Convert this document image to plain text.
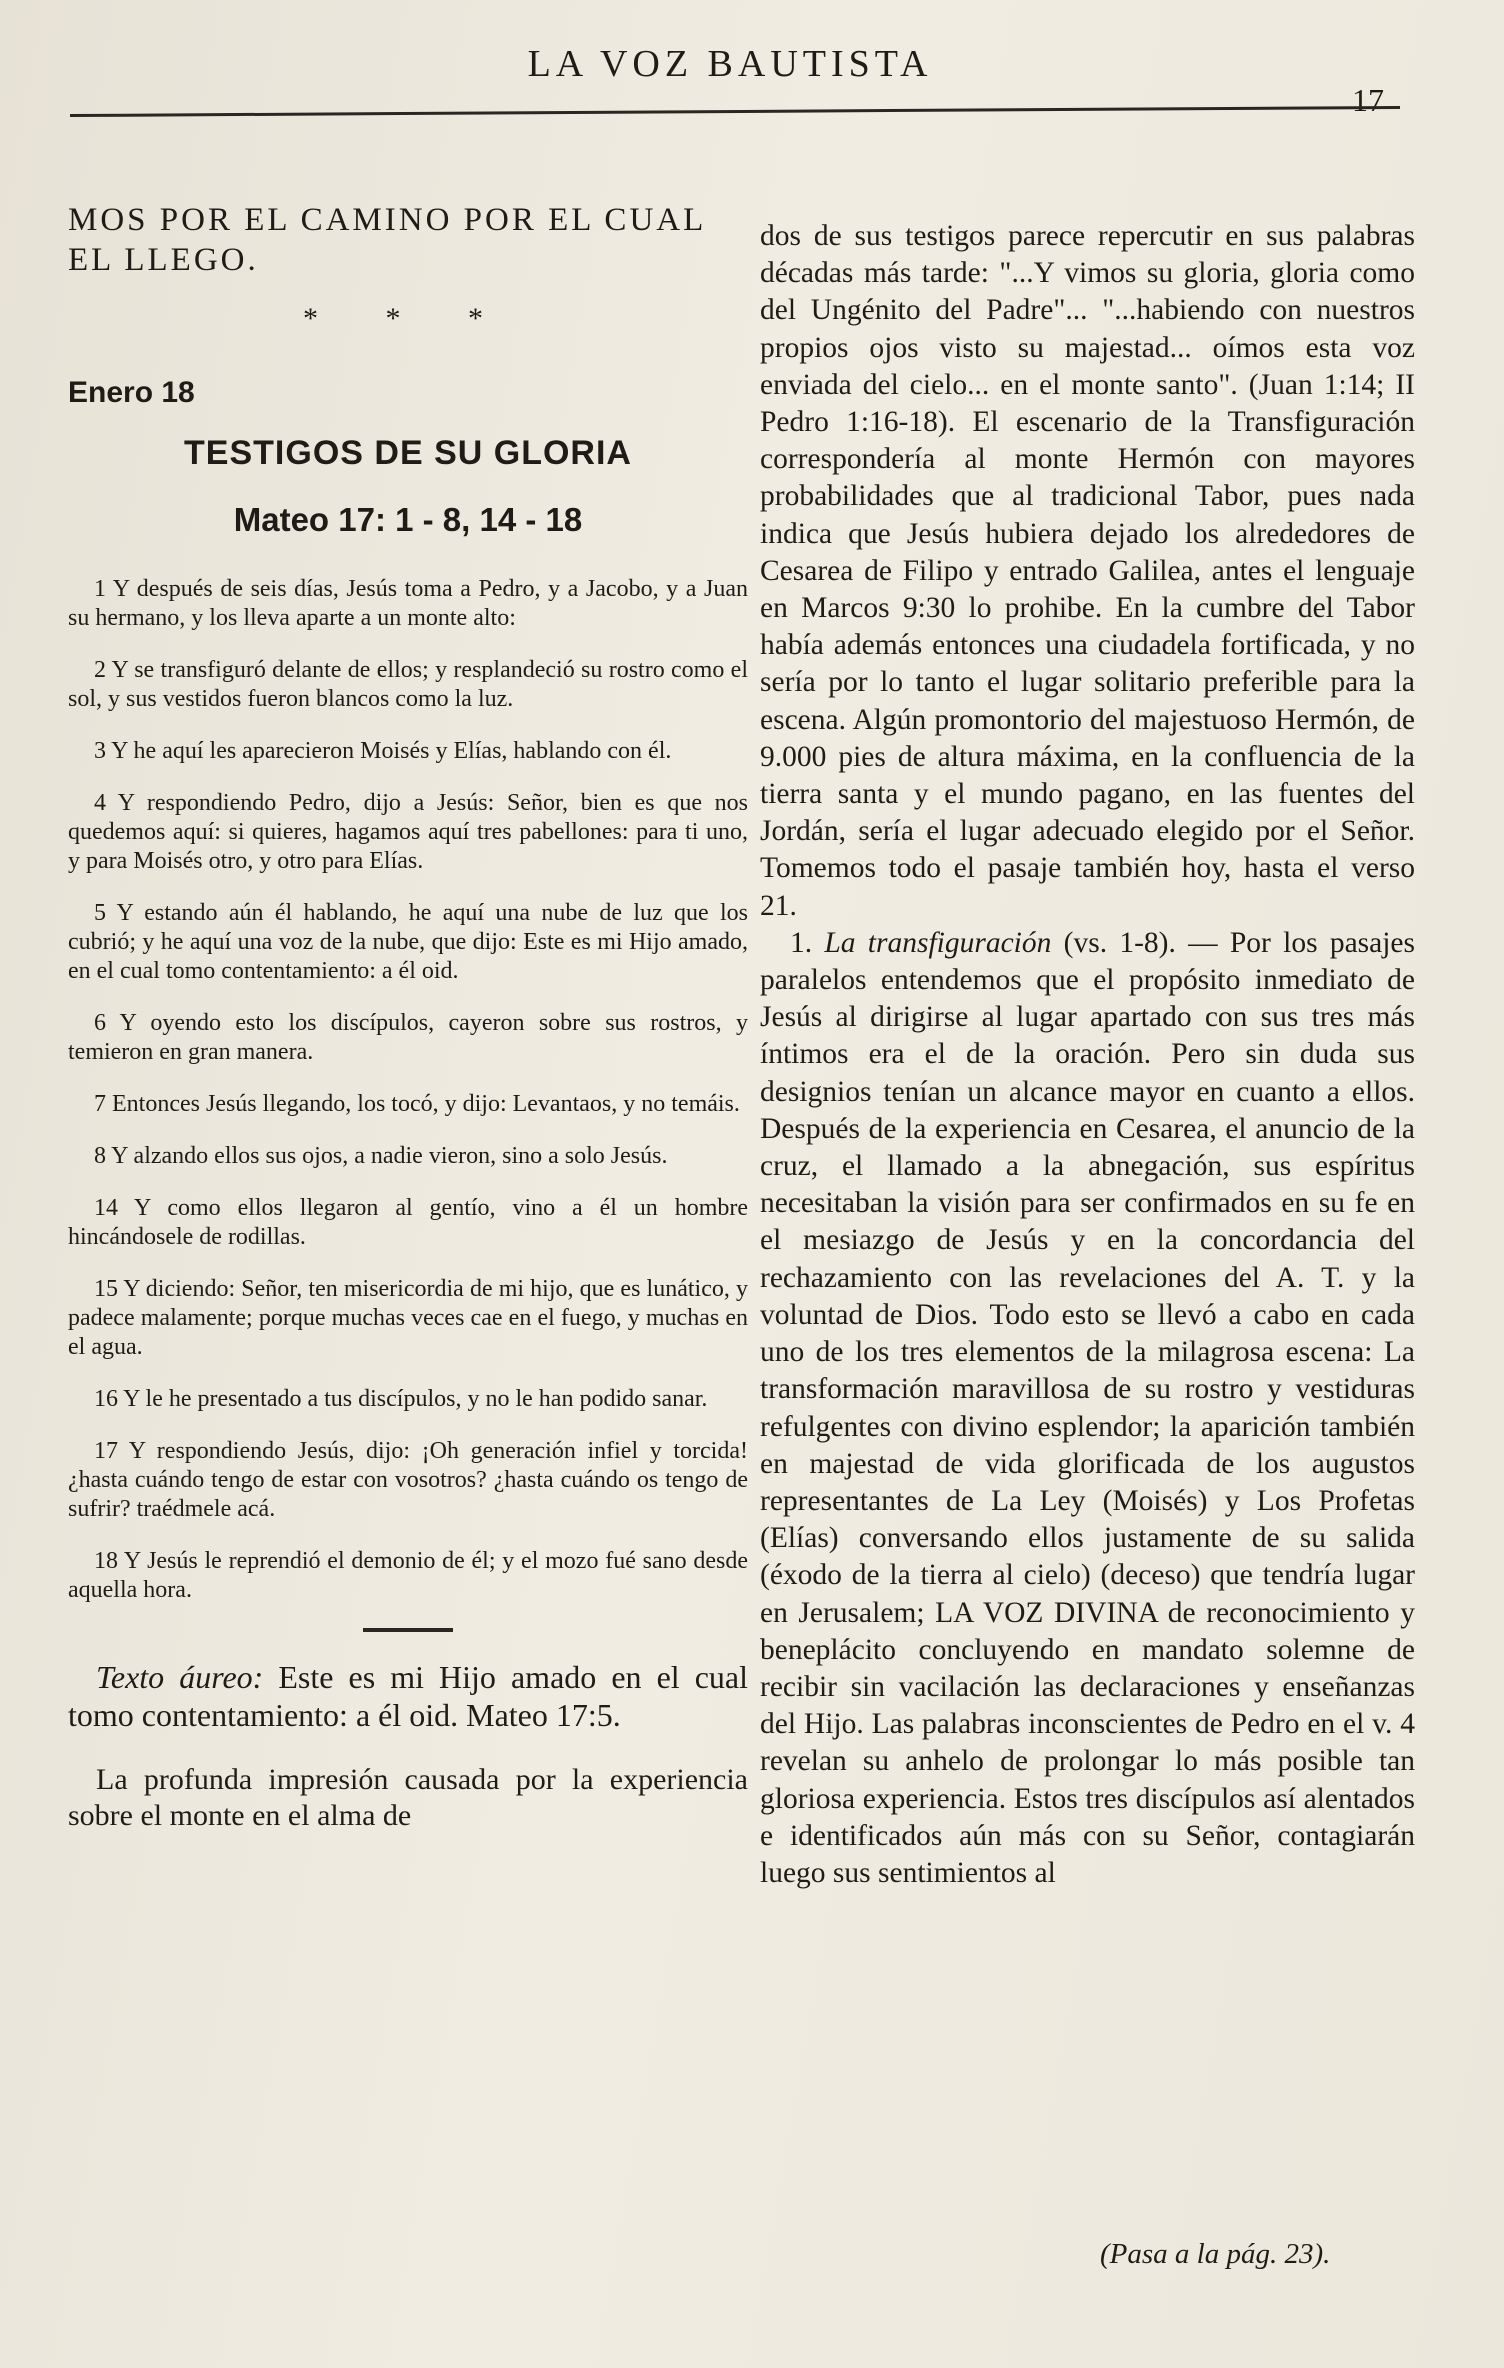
LA VOZ BAUTISTA
17

MOS POR EL CAMINO POR EL CUAL EL LLEGO.

* * *

Enero 18

TESTIGOS DE SU GLORIA
Mateo 17: 1 - 8, 14 - 18

1 Y después de seis días, Jesús toma a Pedro, y a Jacobo, y a Juan su hermano, y los lleva aparte a un monte alto:

2 Y se transfiguró delante de ellos; y resplandeció su rostro como el sol, y sus vestidos fueron blancos como la luz.

3 Y he aquí les aparecieron Moisés y Elías, hablando con él.

4 Y respondiendo Pedro, dijo a Jesús: Señor, bien es que nos quedemos aquí: si quieres, hagamos aquí tres pabellones: para ti uno, y para Moisés otro, y otro para Elías.

5 Y estando aún él hablando, he aquí una nube de luz que los cubrió; y he aquí una voz de la nube, que dijo: Este es mi Hijo amado, en el cual tomo contentamiento: a él oid.

6 Y oyendo esto los discípulos, cayeron sobre sus rostros, y temieron en gran manera.

7 Entonces Jesús llegando, los tocó, y dijo: Levantaos, y no temáis.

8 Y alzando ellos sus ojos, a nadie vieron, sino a solo Jesús.

14 Y como ellos llegaron al gentío, vino a él un hombre hincándosele de rodillas.

15 Y diciendo: Señor, ten misericordia de mi hijo, que es lunático, y padece malamente; porque muchas veces cae en el fuego, y muchas en el agua.

16 Y le he presentado a tus discípulos, y no le han podido sanar.

17 Y respondiendo Jesús, dijo: ¡Oh generación infiel y torcida! ¿hasta cuándo tengo de estar con vosotros? ¿hasta cuándo os tengo de sufrir? traédmele acá.

18 Y Jesús le reprendió el demonio de él; y el mozo fué sano desde aquella hora.

Texto áureo: Este es mi Hijo amado en el cual tomo contentamiento: a él oid. Mateo 17:5.

La profunda impresión causada por la experiencia sobre el monte en el alma de

dos de sus testigos parece repercutir en sus palabras décadas más tarde: "...Y vimos su gloria, gloria como del Ungénito del Padre"... "...habiendo con nuestros propios ojos visto su majestad... oímos esta voz enviada del cielo... en el monte santo". (Juan 1:14; II Pedro 1:16-18). El escenario de la Transfiguración correspondería al monte Hermón con mayores probabilidades que al tradicional Tabor, pues nada indica que Jesús hubiera dejado los alrededores de Cesarea de Filipo y entrado Galilea, antes el lenguaje en Marcos 9:30 lo prohibe. En la cumbre del Tabor había además entonces una ciudadela fortificada, y no sería por lo tanto el lugar solitario preferible para la escena. Algún promontorio del majestuoso Hermón, de 9.000 pies de altura máxima, en la confluencia de la tierra santa y el mundo pagano, en las fuentes del Jordán, sería el lugar adecuado elegido por el Señor. Tomemos todo el pasaje también hoy, hasta el verso 21.

1. La transfiguración (vs. 1-8). — Por los pasajes paralelos entendemos que el propósito inmediato de Jesús al dirigirse al lugar apartado con sus tres más íntimos era el de la oración. Pero sin duda sus designios tenían un alcance mayor en cuanto a ellos. Después de la experiencia en Cesarea, el anuncio de la cruz, el llamado a la abnegación, sus espíritus necesitaban la visión para ser confirmados en su fe en el mesiazgo de Jesús y en la concordancia del rechazamiento con las revelaciones del A. T. y la voluntad de Dios. Todo esto se llevó a cabo en cada uno de los tres elementos de la milagrosa escena: La transformación maravillosa de su rostro y vestiduras refulgentes con divino esplendor; la aparición también en majestad de vida glorificada de los augustos representantes de La Ley (Moisés) y Los Profetas (Elías) conversando ellos justamente de su salida (éxodo de la tierra al cielo) (deceso) que tendría lugar en Jerusalem; LA VOZ DIVINA de reconocimiento y beneplácito concluyendo en mandato solemne de recibir sin vacilación las declaraciones y enseñanzas del Hijo. Las palabras inconscientes de Pedro en el v. 4 revelan su anhelo de prolongar lo más posible tan gloriosa experiencia. Estos tres discípulos así alentados e identificados aún más con su Señor, contagiarán luego sus sentimientos al

(Pasa a la pág. 23).
